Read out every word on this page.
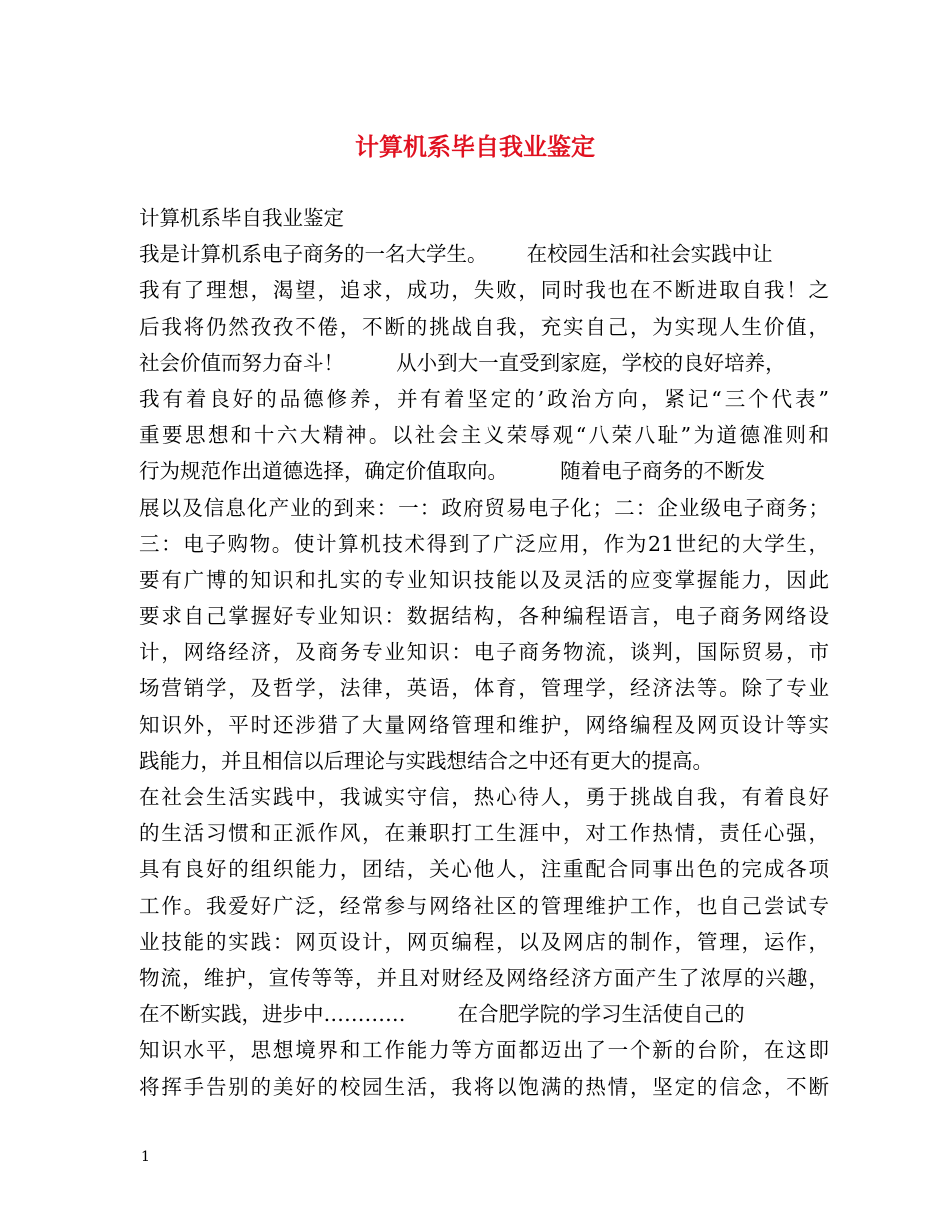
计算机系毕自我业鉴定
计算机系毕自我业鉴定
我是计算机系电子商务的一名大学生。      在校园生活和社会实践中让
我有了理想，渴望，追求，成功，失败，同时我也在不断进取自我！之
后我将仍然孜孜不倦，不断的挑战自我，充实自己，为实现人生价值，
社会价值而努力奋斗！        从小到大一直受到家庭，学校的良好培养，
我有着良好的品德修养，并有着坚定的’政治方向，紧记“三个代表”
重要思想和十六大精神。以社会主义荣辱观“八荣八耻”为道德准则和
行为规范作出道德选择，确定价值取向。        随着电子商务的不断发
展以及信息化产业的到来：一：政府贸易电子化；二：企业级电子商务；
三：电子购物。使计算机技术得到了广泛应用，作为21世纪的大学生，
要有广博的知识和扎实的专业知识技能以及灵活的应变掌握能力，因此
要求自己掌握好专业知识：数据结构，各种编程语言，电子商务网络设
计，网络经济，及商务专业知识：电子商务物流，谈判，国际贸易，市
场营销学，及哲学，法律，英语，体育，管理学，经济法等。除了专业
知识外，平时还涉猎了大量网络管理和维护，网络编程及网页设计等实
践能力，并且相信以后理论与实践想结合之中还有更大的提高。
在社会生活实践中，我诚实守信，热心待人，勇于挑战自我，有着良好
的生活习惯和正派作风，在兼职打工生涯中，对工作热情，责任心强，
具有良好的组织能力，团结，关心他人，注重配合同事出色的完成各项
工作。我爱好广泛，经常参与网络社区的管理维护工作，也自己尝试专
业技能的实践：网页设计，网页编程，以及网店的制作，管理，运作，
物流，维护，宣传等等，并且对财经及网络经济方面产生了浓厚的兴趣，
在不断实践，进步中…………        在合肥学院的学习生活使自己的
知识水平，思想境界和工作能力等方面都迈出了一个新的台阶，在这即
将挥手告别的美好的校园生活，我将以饱满的热情，坚定的信念，不断
1
